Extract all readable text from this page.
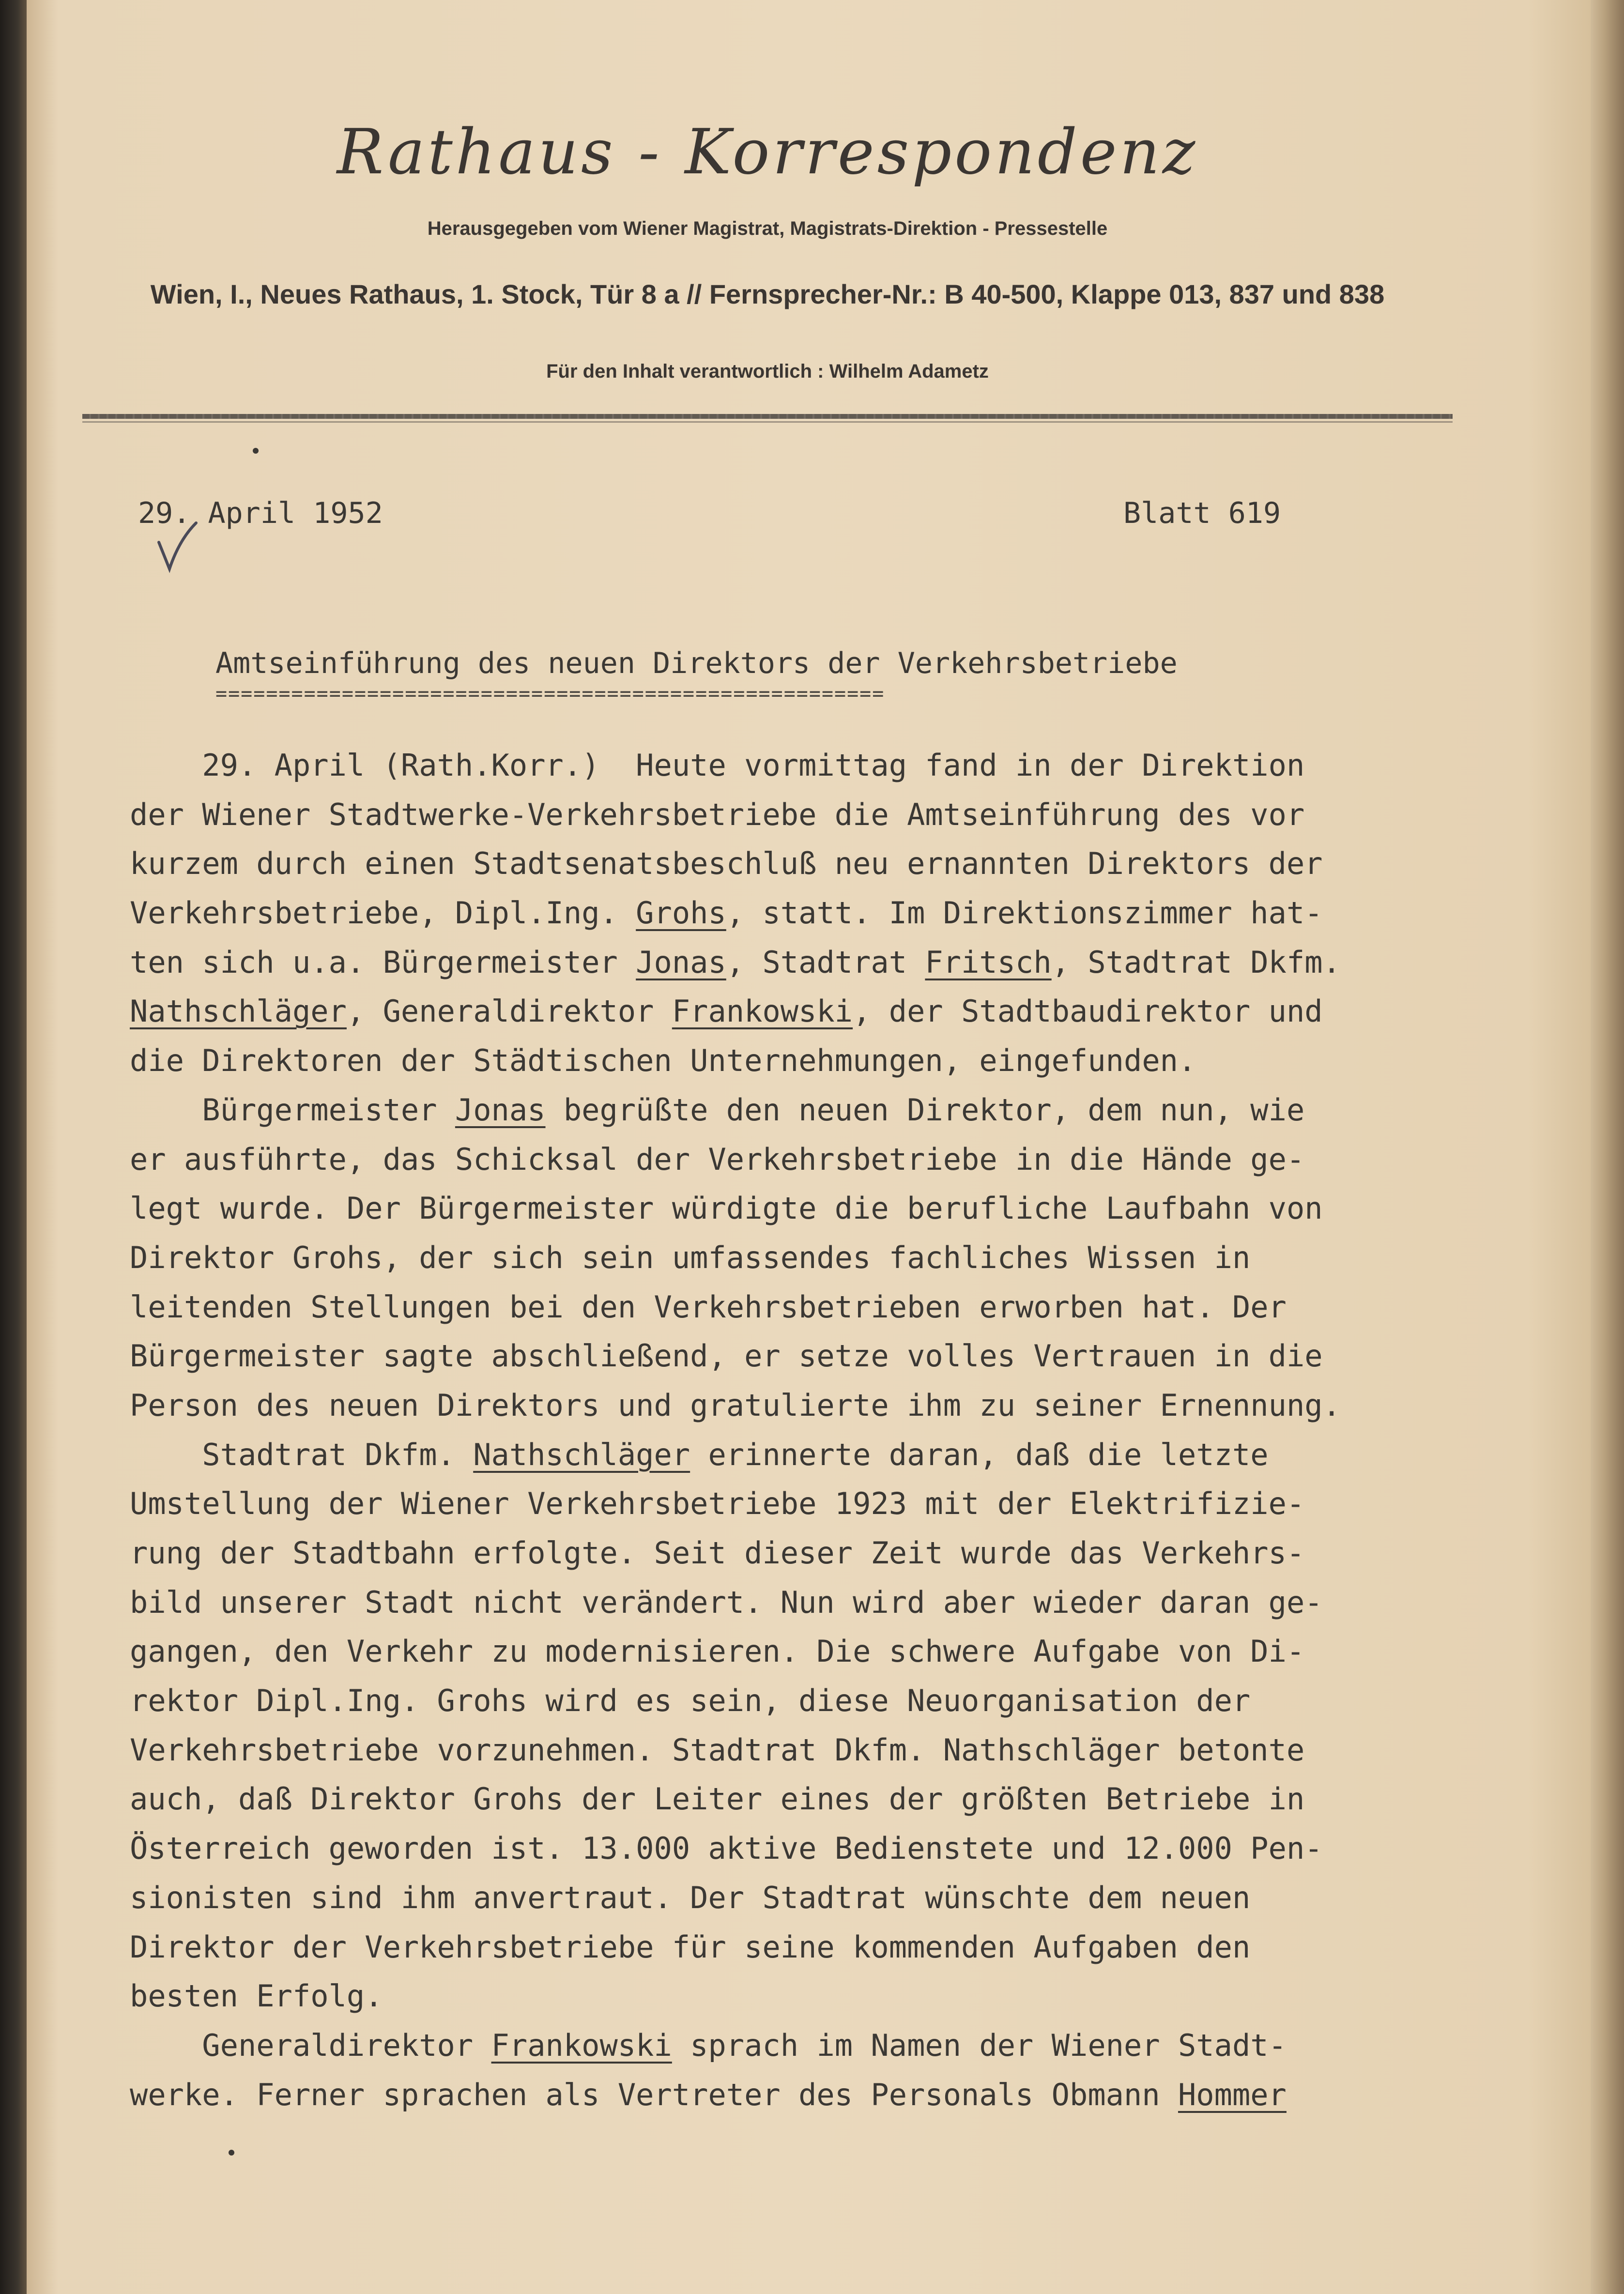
Rathaus - Korrespondenz
Herausgegeben vom Wiener Magistrat, Magistrats-Direktion - Pressestelle
Wien, I., Neues Rathaus, 1. Stock, Tür 8 a // Fernsprecher-Nr.: B 40-500, Klappe 013, 837 und 838
Für den Inhalt verantwortlich : Wilhelm Adametz
29. April 1952	Blatt 619
Amtseinführung des neuen Direktors der Verkehrsbetriebe
=====================================================
29. April (Rath.Korr.)  Heute vormittag fand in der Direktion
der Wiener Stadtwerke-Verkehrsbetriebe die Amtseinführung des vor
kurzem durch einen Stadtsenatsbeschluß neu ernannten Direktors der
Verkehrsbetriebe, Dipl.Ing. Grohs, statt. Im Direktionszimmer hat-
ten sich u.a. Bürgermeister Jonas, Stadtrat Fritsch, Stadtrat Dkfm.
Nathschläger, Generaldirektor Frankowski, der Stadtbaudirektor und
die Direktoren der Städtischen Unternehmungen, eingefunden.
Bürgermeister Jonas begrüßte den neuen Direktor, dem nun, wie
er ausführte, das Schicksal der Verkehrsbetriebe in die Hände ge-
legt wurde. Der Bürgermeister würdigte die berufliche Laufbahn von
Direktor Grohs, der sich sein umfassendes fachliches Wissen in
leitenden Stellungen bei den Verkehrsbetrieben erworben hat. Der
Bürgermeister sagte abschließend, er setze volles Vertrauen in die
Person des neuen Direktors und gratulierte ihm zu seiner Ernennung.
Stadtrat Dkfm. Nathschläger erinnerte daran, daß die letzte
Umstellung der Wiener Verkehrsbetriebe 1923 mit der Elektrifizie-
rung der Stadtbahn erfolgte. Seit dieser Zeit wurde das Verkehrs-
bild unserer Stadt nicht verändert. Nun wird aber wieder daran ge-
gangen, den Verkehr zu modernisieren. Die schwere Aufgabe von Di-
rektor Dipl.Ing. Grohs wird es sein, diese Neuorganisation der
Verkehrsbetriebe vorzunehmen. Stadtrat Dkfm. Nathschläger betonte
auch, daß Direktor Grohs der Leiter eines der größten Betriebe in
Österreich geworden ist. 13.000 aktive Bedienstete und 12.000 Pen-
sionisten sind ihm anvertraut. Der Stadtrat wünschte dem neuen
Direktor der Verkehrsbetriebe für seine kommenden Aufgaben den
besten Erfolg.
Generaldirektor Frankowski sprach im Namen der Wiener Stadt-
werke. Ferner sprachen als Vertreter des Personals Obmann Hommer
